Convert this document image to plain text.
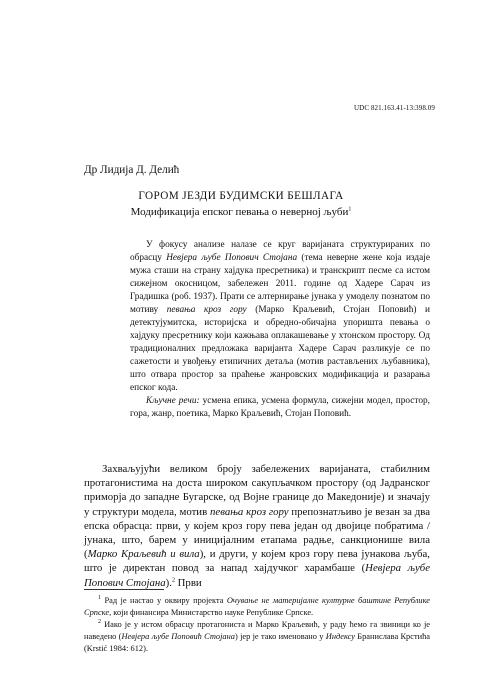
UDC 821.163.41-13:398.09
Др Лидија Д. Делић
ГОРОМ ЈЕЗДИ БУДИМСКИ БЕШЛАГА
Модификација епског певања о неверној љуби$^1$

У фокусу анализе налазе се круг варијаната структурираних по обрасцу Невјера љубе Попович Стојана (тема неверне жене која издаје мужа сташи на страну хајдука пресретника) и транскрипт песме са истом сижејном окосницом, забележен 2011. године од Хадере Сарач из Градишка (роб. 1937). Прати се алтернирање јунака у умоделу познатом по мотиву певања кроз гору (Марко Краљевић, Стојан Поповић) и детектујумитска, историјска и обредно-обичајна упоришта певања о хајдуку пресретнику који кажњава оплакашевање у хтонском простору. Од традиционалних предложака варијанта Хадере Сарач разликује се по сажетости и увођењу етипичних детаља (мотив растављених љубавника), што отвара простор за праћење жанровских модификација и разарања епског кода.

Кључне речи: усмена епика, усмена формула, сижејни модел, простор, гора, жанр, поетика, Марко Краљевић, Стојан Поповић.

Захваљујући великом броју забележених варијаната, стабилним протагонистима на доста широком сакупљачком простору (од Јадранског приморја до западне Бугарске, од Војне границе до Македоније) и значају у структури модела, мотив певања кроз гору препознатљиво је везан за два епска обрасца: први, у којем кроз гору пева један од двојице побратима / јунака, што, барем у иницијалним етапама радње, санкционише вила (Марко Краљевић и вила), и други, у којем кроз гору пева јунакова љуба, што је директан повод за напад хајдучког харамбаше (Невјера љубе Попович Стојана).$^2$ Први

$^1$ Рад је настао у оквиру пројекта Очување не материјалне културне баштине Републике Српске, који финансира Министарство науке Републике Српске.

$^2$ Иако је у истом обрасцу протагониста и Марко Краљевић, у раду ћемо га звиници ко је наведено (Невјера љубе Поповић Стојана) јер је тако именовано у Индексу Бранислава Крстића (Krstić 1984: 612).
